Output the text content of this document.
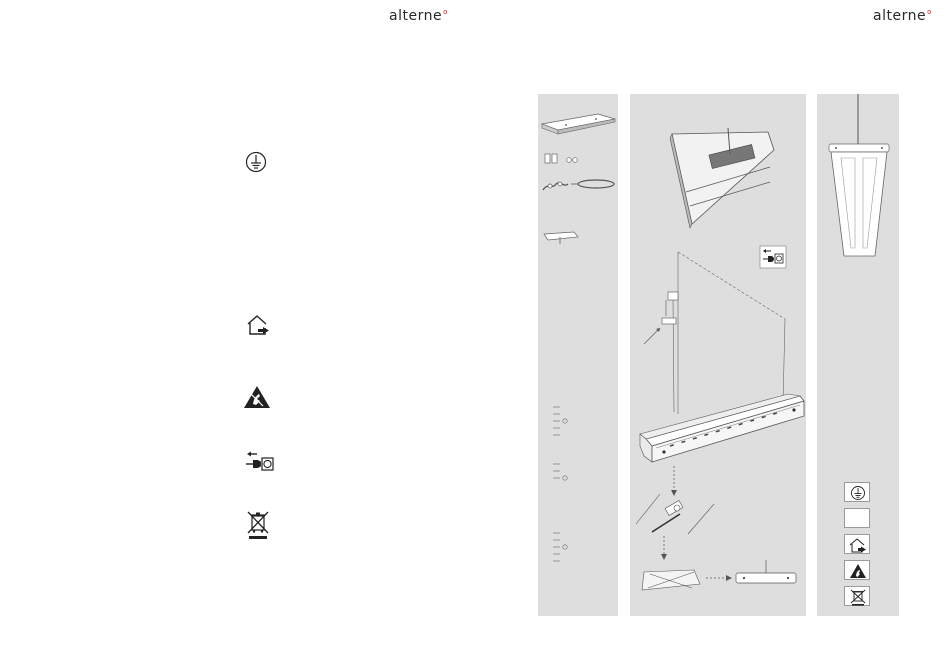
alterne$^o$	alterne$^o$
